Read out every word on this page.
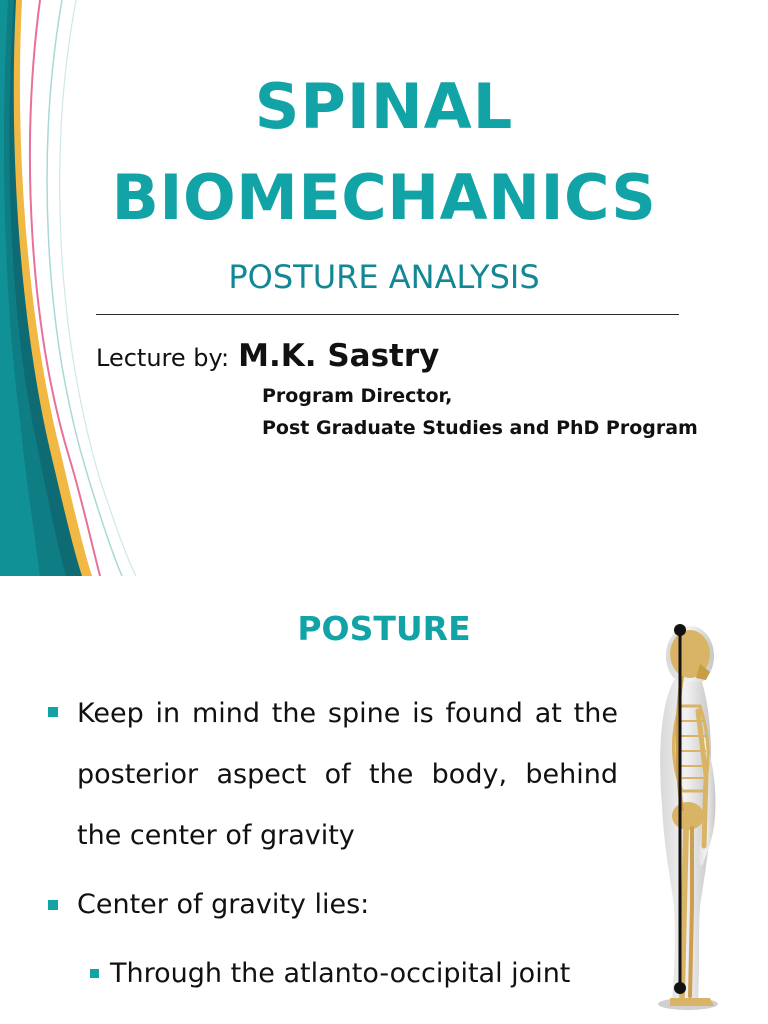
SPINAL
BIOMECHANICS
POSTURE ANALYSIS
Lecture by: M.K. Sastry
Program Director,
Post Graduate Studies and PhD Program
POSTURE
Keep in mind the spine is found at the posterior aspect of the body, behind the center of gravity
Center of gravity lies:
Through the atlanto-occipital joint
